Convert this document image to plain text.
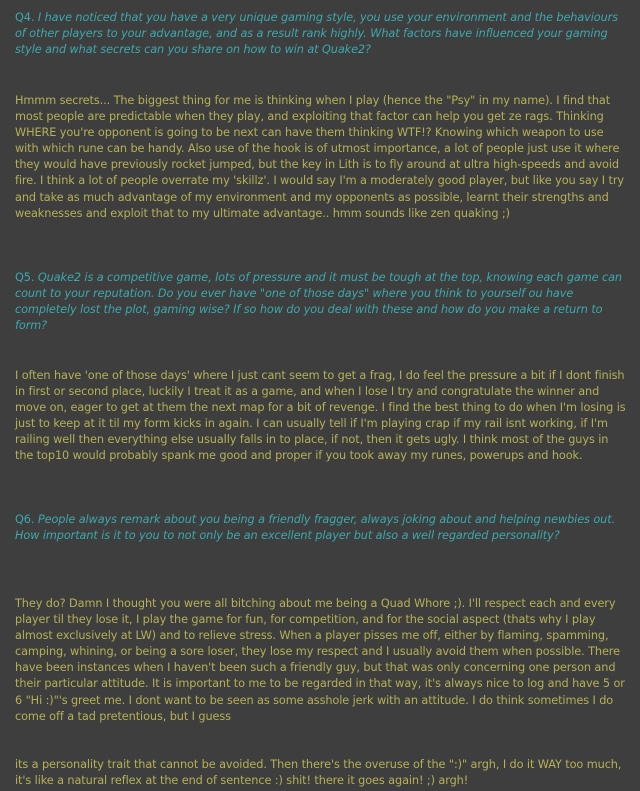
Q4. I have noticed that you have a very unique gaming style, you use your environment and the behaviours of other players to your advantage, and as a result rank highly. What factors have influenced your gaming style and what secrets can you share on how to win at Quake2?

Hmmm secrets... The biggest thing for me is thinking when I play (hence the "Psy" in my name). I find that most people are predictable when they play, and exploiting that factor can help you get ze rags. Thinking WHERE you're opponent is going to be next can have them thinking WTF!? Knowing which weapon to use with which rune can be handy. Also use of the hook is of utmost importance, a lot of people just use it where they would have previously rocket jumped, but the key in Lith is to fly around at ultra high-speeds and avoid fire. I think a lot of people overrate my 'skillz'. I would say I'm a moderately good player, but like you say I try and take as much advantage of my environment and my opponents as possible, learnt their strengths and weaknesses and exploit that to my ultimate advantage.. hmm sounds like zen quaking ;)

Q5. Quake2 is a competitive game, lots of pressure and it must be tough at the top, knowing each game can count to your reputation. Do you ever have "one of those days" where you think to yourself ou have completely lost the plot, gaming wise? If so how do you deal with these and how do you make a return to form?

I often have 'one of those days' where I just cant seem to get a frag, I do feel the pressure a bit if I dont finish in first or second place, luckily I treat it as a game, and when I lose I try and congratulate the winner and move on, eager to get at them the next map for a bit of revenge. I find the best thing to do when I'm losing is just to keep at it til my form kicks in again. I can usually tell if I'm playing crap if my rail isnt working, if I'm railing well then everything else usually falls in to place, if not, then it gets ugly. I think most of the guys in the top10 would probably spank me good and proper if you took away my runes, powerups and hook.

Q6. People always remark about you being a friendly fragger, always joking about and helping newbies out. How important is it to you to not only be an excellent player but also a well regarded personality?

They do? Damn I thought you were all bitching about me being a Quad Whore ;). I'll respect each and every player til they lose it, I play the game for fun, for competition, and for the social aspect (thats why I play almost exclusively at LW) and to relieve stress. When a player pisses me off, either by flaming, spamming, camping, whining, or being a sore loser, they lose my respect and I usually avoid them when possible. There have been instances when I haven't been such a friendly guy, but that was only concerning one person and their particular attitude. It is important to me to be regarded in that way, it's always nice to log and have 5 or 6 "Hi :)"'s greet me. I dont want to be seen as some asshole jerk with an attitude. I do think sometimes I do come off a tad pretentious, but I guess

its a personality trait that cannot be avoided. Then there's the overuse of the ":)" argh, I do it WAY too much, it's like a natural reflex at the end of sentence :) shit! there it goes again! ;) argh!
